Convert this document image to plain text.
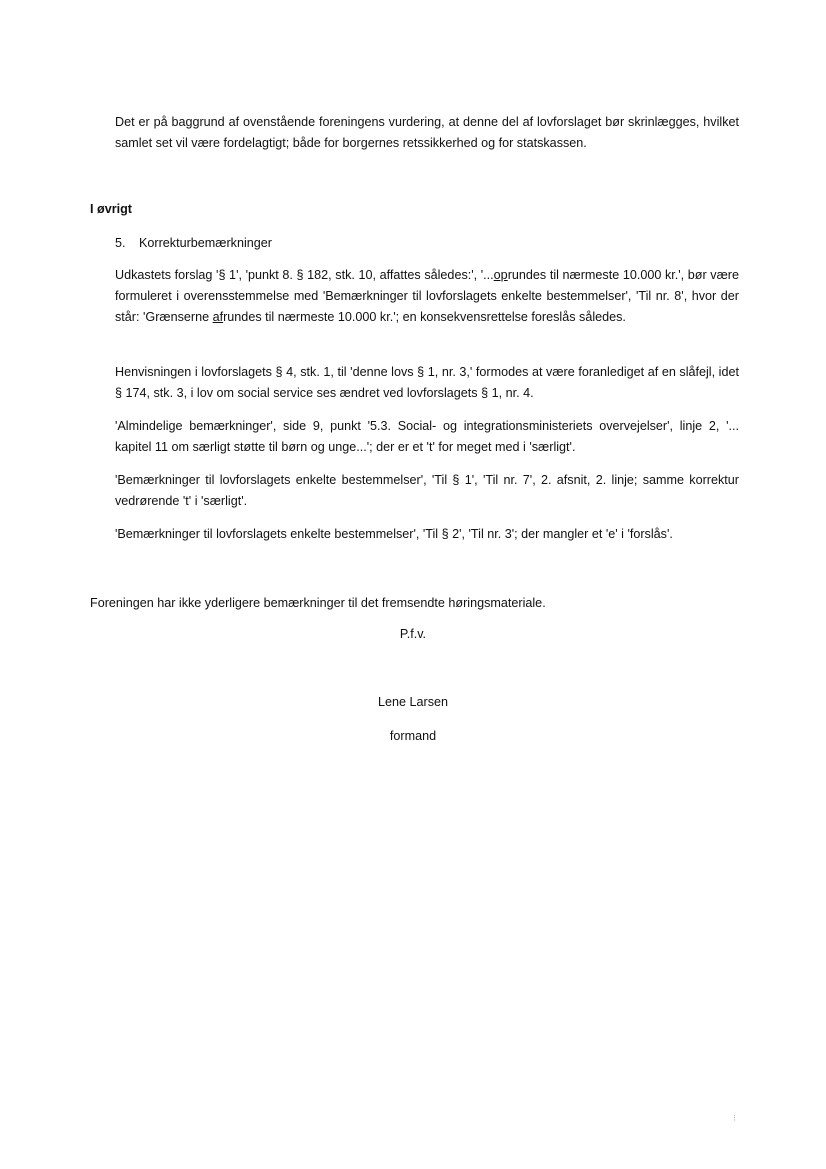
Det er på baggrund af ovenstående foreningens vurdering, at denne del af lovforslaget bør skrinlægges, hvilket samlet set vil være fordelagtigt; både for borgernes retssikkerhed og for statskassen.

I øvrigt

5. Korrekturbemærkninger

Udkastets forslag '§ 1', 'punkt 8. § 182, stk. 10, affattes således:', '...oprundes til nærmeste 10.000 kr.', bør være formuleret i overensstemmelse med 'Bemærkninger til lovforslagets enkelte bestemmelser', 'Til nr. 8', hvor der står: 'Grænserne afrundes til nærmeste 10.000 kr.'; en konsekvensrettelse foreslås således.

Henvisningen i lovforslagets § 4, stk. 1, til 'denne lovs § 1, nr. 3,' formodes at være foranlediget af en slåfejl, idet § 174, stk. 3, i lov om social service ses ændret ved lovforslagets § 1, nr. 4.

'Almindelige bemærkninger', side 9, punkt '5.3. Social- og integrationsministeriets overvejelser', linje 2, '... kapitel 11 om særligt støtte til børn og unge...'; der er et 't' for meget med i 'særligt'.

'Bemærkninger til lovforslagets enkelte bestemmelser', 'Til § 1', 'Til nr. 7', 2. afsnit, 2. linje; samme korrektur vedrørende 't' i 'særligt'.

'Bemærkninger til lovforslagets enkelte bestemmelser', 'Til § 2', 'Til nr. 3'; der mangler et 'e' i 'forslås'.

Foreningen har ikke yderligere bemærkninger til det fremsendte høringsmateriale.

P.f.v.
Lene Larsen
formand
⁝
